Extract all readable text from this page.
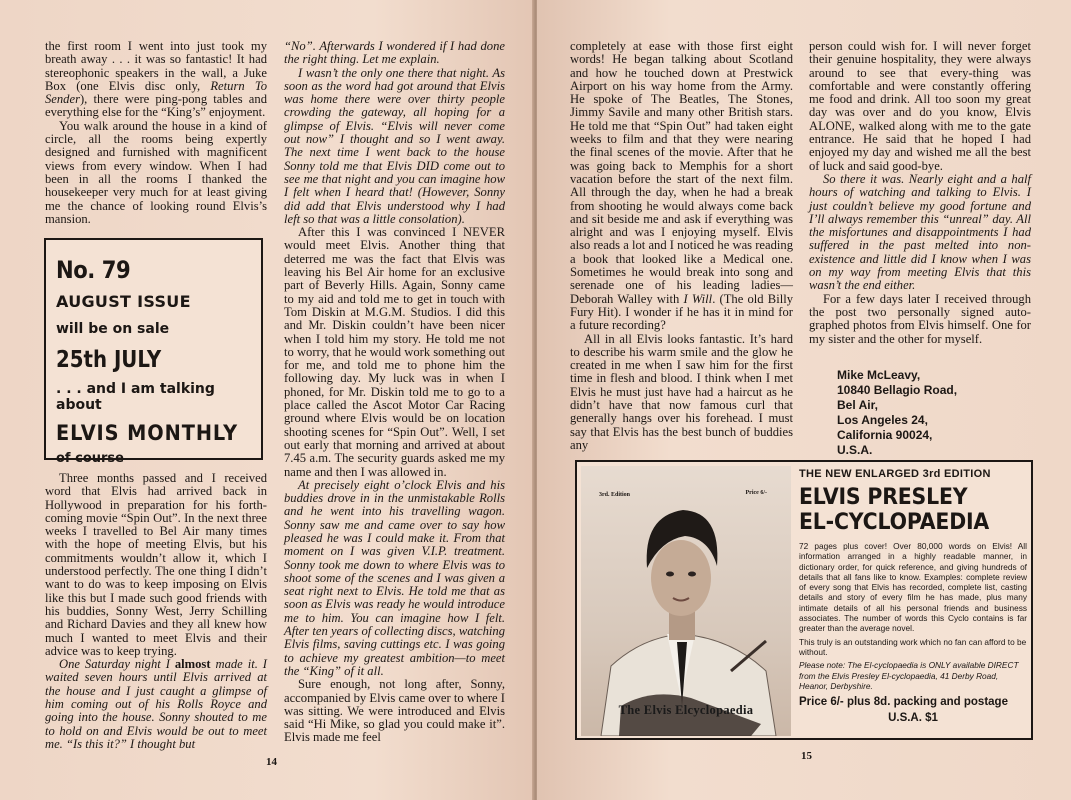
the first room I went into just took my breath away . . . it was so fantastic! It had stereophonic speakers in the wall, a Juke Box (one Elvis disc only, Return To Sender), there were ping-pong tables and everything else for the “King’s” enjoyment.

You walk around the house in a kind of circle, all the rooms being expertly designed and furnished with magnificent views from every window. When I had been in all the rooms I thanked the housekeeper very much for at least giving me the chance of looking round Elvis’s mansion.

No. 79
AUGUST ISSUE
will be on sale
25th JULY
. . . and I am talking about
ELVIS MONTHLY
of course

Three months passed and I received word that Elvis had arrived back in Hollywood in preparation for his forth-coming movie “Spin Out”. In the next three weeks I travelled to Bel Air many times with the hope of meeting Elvis, but his commitments wouldn’t allow it, which I understood perfectly. The one thing I didn’t want to do was to keep imposing on Elvis like this but I made such good friends with his buddies, Sonny West, Jerry Schilling and Richard Davies and they all knew how much I wanted to meet Elvis and their advice was to keep trying.

One Saturday night I almost made it. I waited seven hours until Elvis arrived at the house and I just caught a glimpse of him coming out of his Rolls Royce and going into the house. Sonny shouted to me to hold on and Elvis would be out to meet me. “Is this it?” I thought but

“No”. Afterwards I wondered if I had done the right thing. Let me explain.

I wasn’t the only one there that night. As soon as the word had got around that Elvis was home there were over thirty people crowding the gateway, all hoping for a glimpse of Elvis. “Elvis will never come out now” I thought and so I went away. The next time I went back to the house Sonny told me that Elvis DID come out to see me that night and you can imagine how I felt when I heard that! (However, Sonny did add that Elvis understood why I had left so that was a little consolation).

After this I was convinced I NEVER would meet Elvis. Another thing that deterred me was the fact that Elvis was leaving his Bel Air home for an exclusive part of Beverly Hills. Again, Sonny came to my aid and told me to get in touch with Tom Diskin at M.G.M. Studios. I did this and Mr. Diskin couldn’t have been nicer when I told him my story. He told me not to worry, that he would work something out for me, and told me to phone him the following day. My luck was in when I phoned, for Mr. Diskin told me to go to a place called the Ascot Motor Car Racing ground where Elvis would be on location shooting scenes for “Spin Out”. Well, I set out early that morning and arrived at about 7.45 a.m. The security guards asked me my name and then I was allowed in.

At precisely eight o’clock Elvis and his buddies drove in in the unmistakable Rolls and he went into his travelling wagon. Sonny saw me and came over to say how pleased he was I could make it. From that moment on I was given V.I.P. treatment. Sonny took me down to where Elvis was to shoot some of the scenes and I was given a seat right next to Elvis. He told me that as soon as Elvis was ready he would introduce me to him. You can imagine how I felt. After ten years of collecting discs, watching Elvis films, saving cuttings etc. I was going to achieve my greatest ambition—to meet the “King” of it all.

Sure enough, not long after, Sonny, accompanied by Elvis came over to where I was sitting. We were introduced and Elvis said “Hi Mike, so glad you could make it”. Elvis made me feel

14

completely at ease with those first eight words! He began talking about Scotland and how he touched down at Prestwick Airport on his way home from the Army. He spoke of The Beatles, The Stones, Jimmy Savile and many other British stars. He told me that “Spin Out” had taken eight weeks to film and that they were nearing the final scenes of the movie. After that he was going back to Memphis for a short vacation before the start of the next film. All through the day, when he had a break from shooting he would always come back and sit beside me and ask if everything was alright and was I enjoying myself. Elvis also reads a lot and I noticed he was reading a book that looked like a Medical one. Sometimes he would break into song and serenade one of his leading ladies—Deborah Walley with I Will. (The old Billy Fury Hit). I wonder if he has it in mind for a future recording?

All in all Elvis looks fantastic. It’s hard to describe his warm smile and the glow he created in me when I saw him for the first time in flesh and blood. I think when I met Elvis he must just have had a haircut as he didn’t have that now famous curl that generally hangs over his forehead. I must say that Elvis has the best bunch of buddies any

person could wish for. I will never forget their genuine hospitality, they were always around to see that every-thing was comfortable and were constantly offering me food and drink. All too soon my great day was over and do you know, Elvis ALONE, walked along with me to the gate entrance. He said that he hoped I had enjoyed my day and wished me all the best of luck and said good-bye.

So there it was. Nearly eight and a half hours of watching and talking to Elvis. I just couldn’t believe my good fortune and I’ll always remember this “unreal” day. All the misfortunes and disappointments I had suffered in the past melted into non-existence and little did I know when I was on my way from meeting Elvis that this wasn’t the end either.

For a few days later I received through the post two personally signed auto-graphed photos from Elvis himself. One for my sister and the other for myself.

15
Mike McLeavy,
10840 Bellagio Road,
Bel Air,
Los Angeles 24,
California 90024,
U.S.A.
3rd. Edition	Price 6/-
The Elvis Elcyclopaedia
THE NEW ENLARGED 3rd EDITION
ELVIS PRESLEY
EL-CYCLOPAEDIA
72 pages plus cover! Over 80,000 words on Elvis! All information arranged in a highly readable manner, in dictionary order, for quick reference, and giving hundreds of details that all fans like to know. Examples: complete review of every song that Elvis has recorded, complete list, casting details and story of every film he has made, plus many intimate details of all his personal friends and business associates. The number of words this Cyclo contains is far greater than the average novel.
This truly is an outstanding work which no fan can afford to be without.
Please note: The El-cyclopaedia is ONLY available DIRECT from the Elvis Presley El-cyclopaedia, 41 Derby Road, Heanor, Derbyshire.
Price 6/- plus 8d. packing and postage
U.S.A. $1
